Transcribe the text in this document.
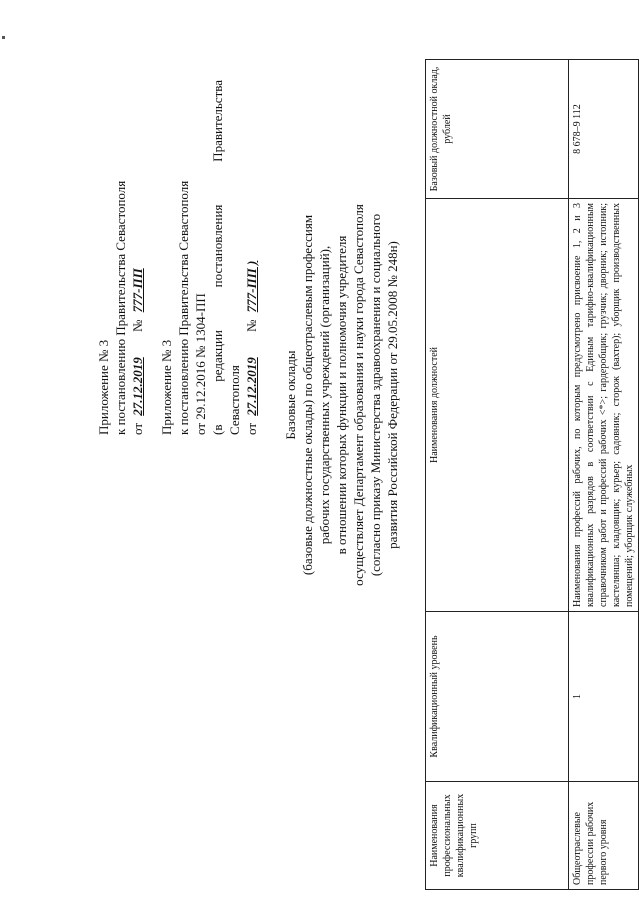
Приложение № 3 к постановлению Правительства Севастополя от 27.12.2019 № 777-ПП
Приложение № 3 к постановлению Правительства Севастополя от 29.12.2016 № 1304-ПП (в
редакции
постановления
Правительства
Севастополя от 27.12.2019 № 777-ПП )
Базовые оклады (базовые должностные оклады) по общеотраслевым профессиям рабочих государственных учреждений (организаций), в отношении которых функции и полномочия учредителя осуществляет Департамент образования и науки города Севастополя (согласно приказу Министерства здравоохранения и социального развития Российской Федерации от 29.05.2008 № 248н)
Наименования профессиональных квалификационных групп	Квалификационный уровень	Наименования должностей	Базовый должностной оклад, рублей
Общеотраслевые профессии рабочих первого уровня	1	Наименования профессий рабочих, по которым предусмотрено присвоение 1, 2 и 3 квалификационных разрядов в соответствии с Единым тарифно-квалификационным справочником работ и профессий рабочих <*>; гардеробщик; грузчик; дворник; истопник; кастелянша; кладовщик; курьер; садовник; сторож (вахтер); уборщик производственных помещений; уборщик служебных	8 678–9 112
